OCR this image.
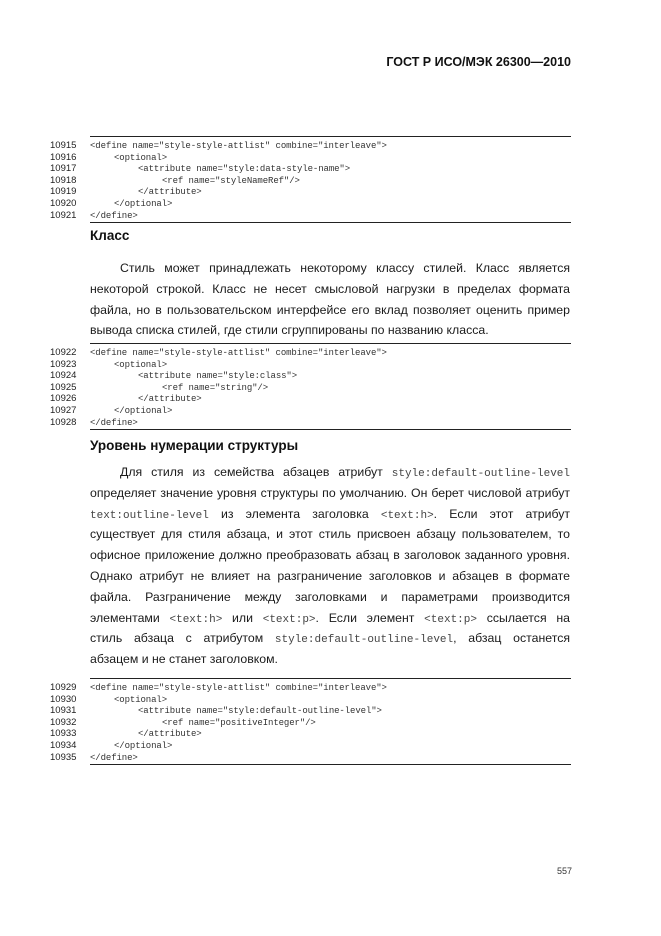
ГОСТ Р ИСО/МЭК 26300—2010
10915	<define name="style-style-attlist" combine="interleave">
10916	<optional>
10917	<attribute name="style:data-style-name">
10918	<ref name="styleNameRef"/>
10919	</attribute>
10920	</optional>
10921	</define>
Класс
Стиль может принадлежать некоторому классу стилей. Класс является
некоторой строкой. Класс не несет смысловой нагрузки в пределах формата
файла, но в пользовательском интерфейсе его вклад позволяет оценить пример
вывода списка стилей, где стили сгруппированы по названию класса.
10922	<define name="style-style-attlist" combine="interleave">
10923	<optional>
10924	<attribute name="style:class">
10925	<ref name="string"/>
10926	</attribute>
10927	</optional>
10928	</define>
Уровень нумерации структуры
Для стиля из семейства абзацев атрибут style:default-outline-level
определяет значение уровня структуры по умолчанию. Он берет числовой атрибут
text:outline-level из элемента заголовка <text:h>. Если этот атрибут
существует для стиля абзаца, и этот стиль присвоен абзацу пользователем, то
офисное приложение должно преобразовать абзац в заголовок заданного уровня.
Однако атрибут не влияет на разграничение заголовков и абзацев в формате
файла. Разграничение между заголовками и параметрами производится
элементами <text:h> или <text:p>. Если элемент <text:p> ссылается на
стиль абзаца с атрибутом style:default-outline-level, абзац останется
абзацем и не станет заголовком.
10929	<define name="style-style-attlist" combine="interleave">
10930	<optional>
10931	<attribute name="style:default-outline-level">
10932	<ref name="positiveInteger"/>
10933	</attribute>
10934	</optional>
10935	</define>
557
